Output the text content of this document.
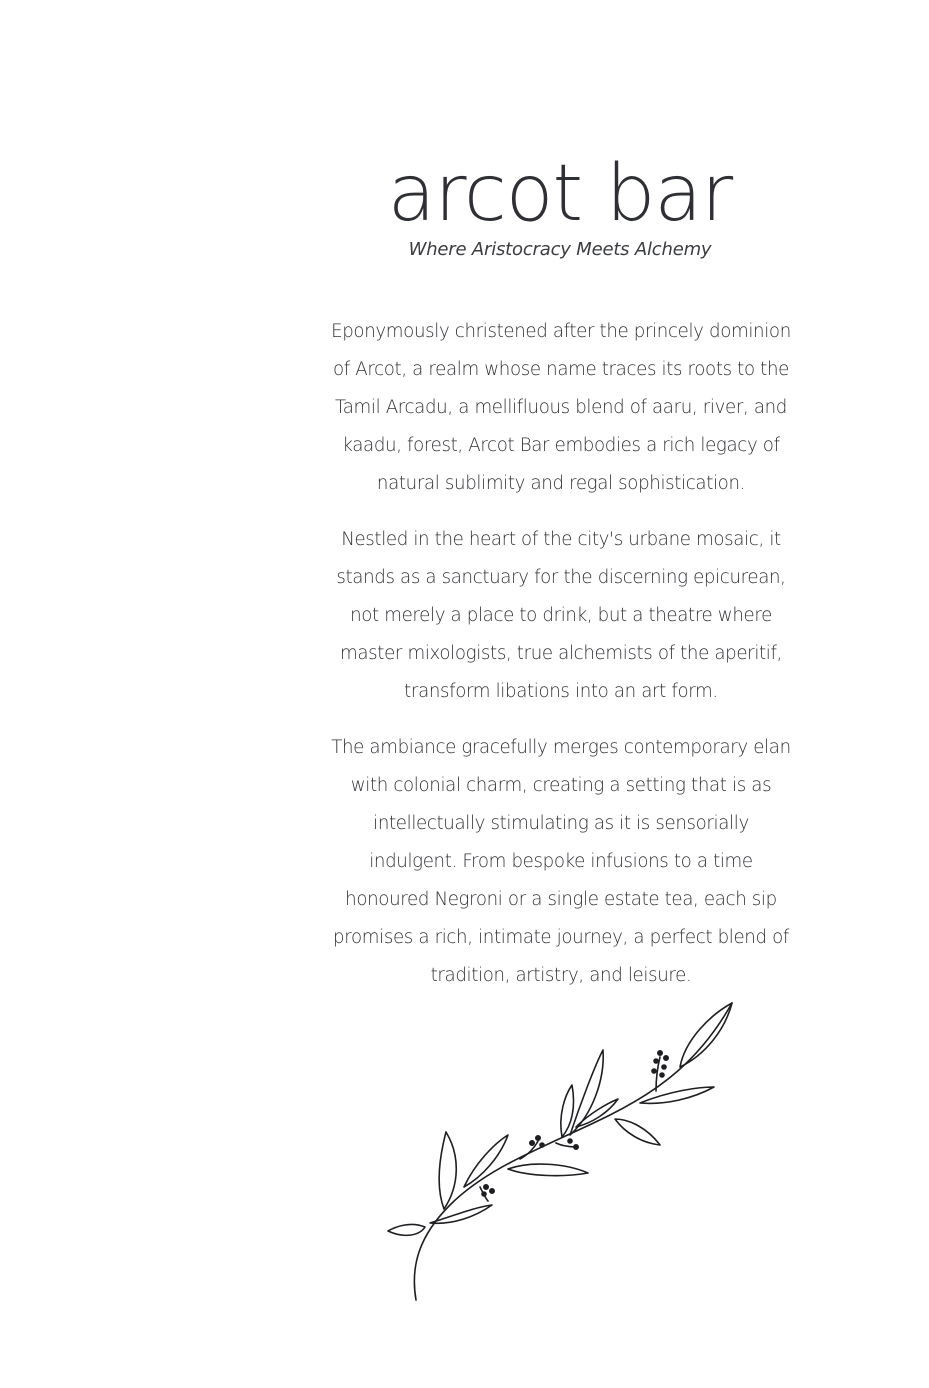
arcot bar
Where Aristocracy Meets Alchemy

Eponymously christened after the princely dominion of Arcot, a realm whose name traces its roots to the Tamil Arcadu, a mellifluous blend of aaru, river, and kaadu, forest, Arcot Bar embodies a rich legacy of natural sublimity and regal sophistication.

Nestled in the heart of the city's urbane mosaic, it stands as a sanctuary for the discerning epicurean, not merely a place to drink, but a theatre where master mixologists, true alchemists of the aperitif, transform libations into an art form.

The ambiance gracefully merges contemporary elan with colonial charm, creating a setting that is as intellectually stimulating as it is sensorially indulgent. From bespoke infusions to a time honoured Negroni or a single estate tea, each sip promises a rich, intimate journey, a perfect blend of tradition, artistry, and leisure.
